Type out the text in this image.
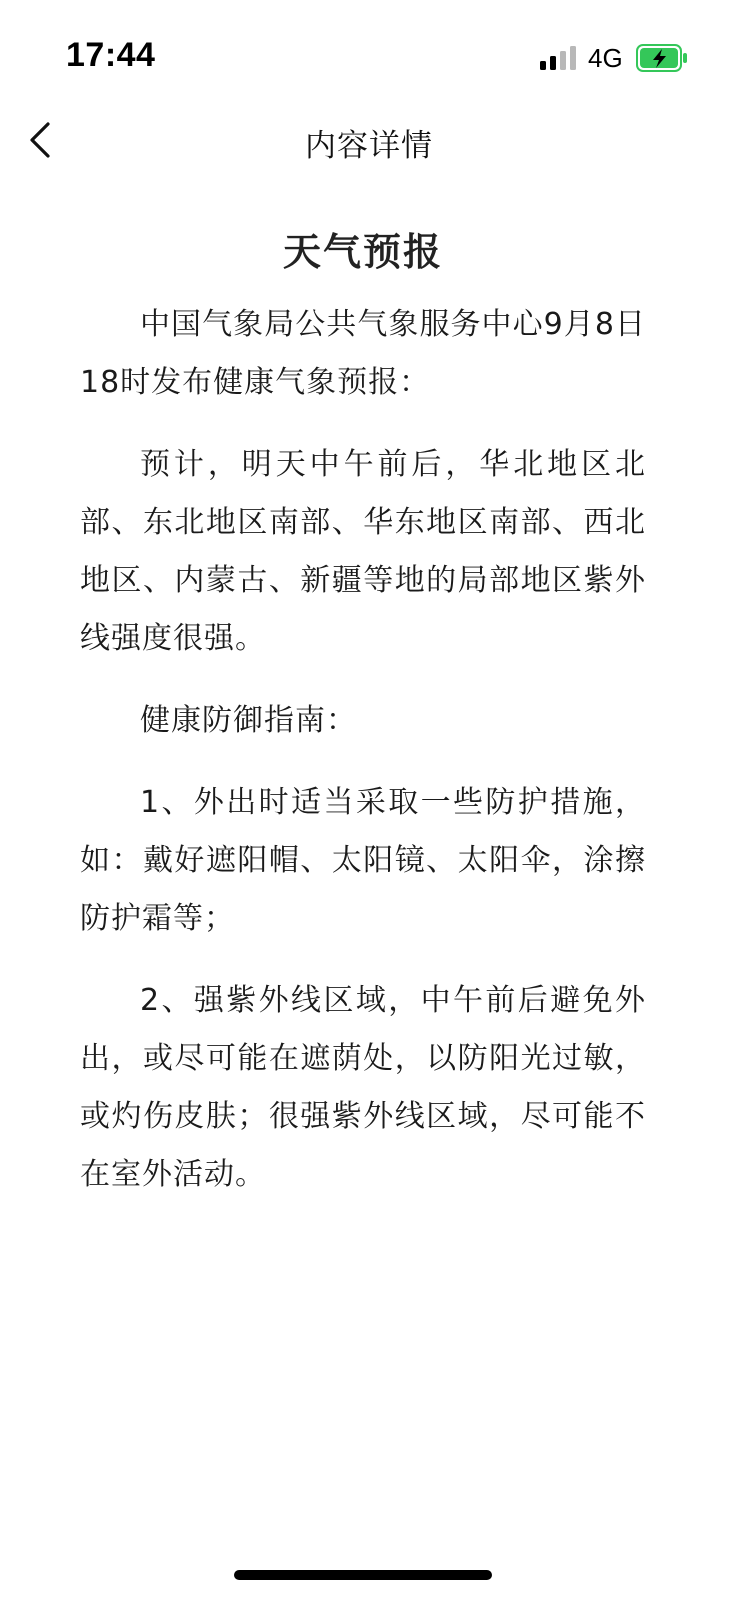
17:44	4G
内容详情
天气预报

中国气象局公共气象服务中心9月8日18时发布健康气象预报：

预计，明天中午前后，华北地区北部、东北地区南部、华东地区南部、西北地区、内蒙古、新疆等地的局部地区紫外线强度很强。

健康防御指南：

1、外出时适当采取一些防护措施，如：戴好遮阳帽、太阳镜、太阳伞，涂擦防护霜等；

2、强紫外线区域，中午前后避免外出，或尽可能在遮荫处，以防阳光过敏，或灼伤皮肤；很强紫外线区域，尽可能不在室外活动。
